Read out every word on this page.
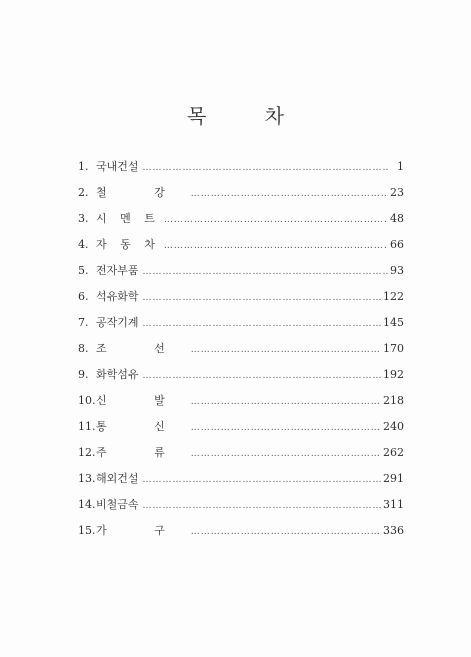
목 차
1. 국내건설 …………………………………………………………………………………………………………	1
2. 철 강 …………………………………………………………………………………………………………	23
3. 시 멘 트 …………………………………………………………………………………………………………	48
4. 자 동 차 …………………………………………………………………………………………………………	66
5. 전자부품 …………………………………………………………………………………………………………	93
6. 석유화학 …………………………………………………………………………………………………………	122
7. 공작기계 …………………………………………………………………………………………………………	145
8. 조 선 …………………………………………………………………………………………………………	170
9. 화학섬유 …………………………………………………………………………………………………………	192
10. 신 발 …………………………………………………………………………………………………………	218
11. 통 신 …………………………………………………………………………………………………………	240
12. 주 류 …………………………………………………………………………………………………………	262
13. 해외건설 …………………………………………………………………………………………………………	291
14. 비철금속 …………………………………………………………………………………………………………	311
15. 가 구 …………………………………………………………………………………………………………	336
